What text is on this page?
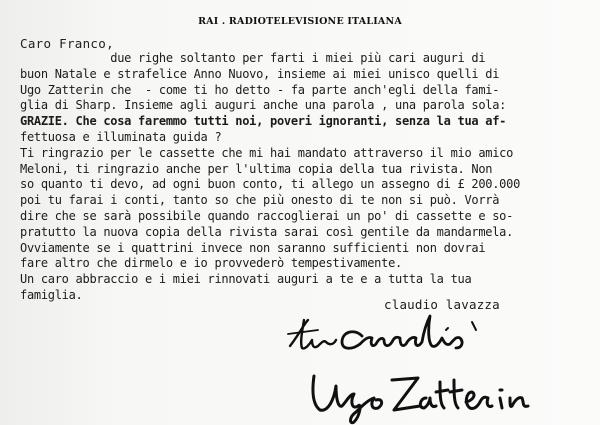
RAI . RADIOTELEVISIONE ITALIANA
Caro Franco,
due righe soltanto per farti i miei più cari auguri di
buon Natale e strafelice Anno Nuovo, insieme ai miei unisco quelli di
Ugo Zatterin che  - come ti ho detto - fa parte anch'egli della fami-
glia di Sharp. Insieme agli auguri anche una parola , una parola sola:
GRAZIE. Che cosa faremmo tutti noi, poveri ignoranti, senza la tua af-
fettuosa e illuminata guida ?
Ti ringrazio per le cassette che mi hai mandato attraverso il mio amico
Meloni, ti ringrazio anche per l'ultima copia della tua rivista. Non
so quanto ti devo, ad ogni buon conto, ti allego un assegno di £ 200.000
poi tu farai i conti, tanto so che più onesto di te non si può. Vorrà
dire che se sarà possibile quando raccoglierai un po' di cassette e so-
pratutto la nuova copia della rivista sarai così gentile da mandarmela.
Ovviamente se i quattrini invece non saranno sufficienti non dovrai
fare altro che dirmelo e io provvederò tempestivamente.
Un caro abbraccio e i miei rinnovati auguri a te e a tutta la tua
famiglia.
claudio lavazza
